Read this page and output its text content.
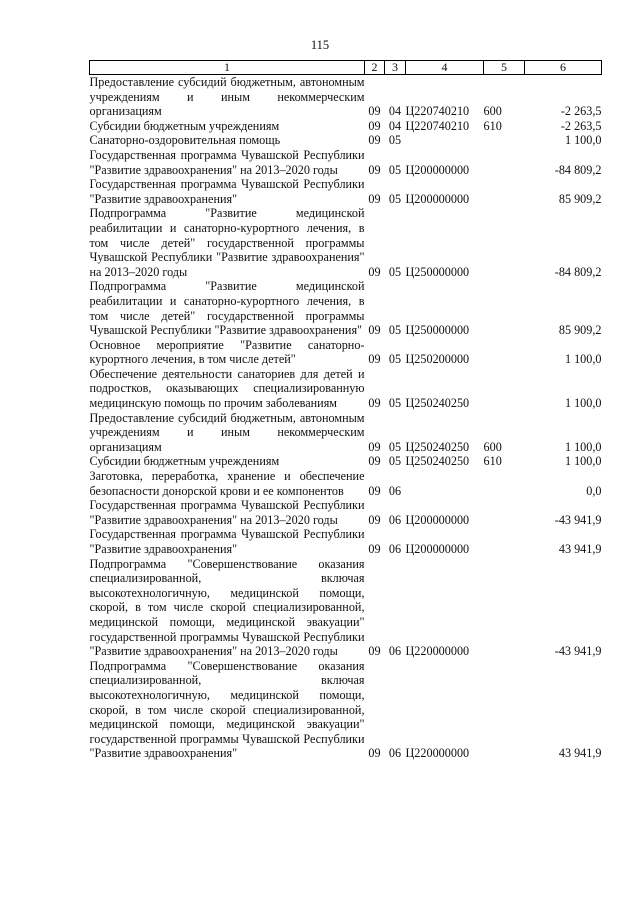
115
1	2	3	4	5	6
Предоставление субсидий бюджетным, автономным учреждениям и иным некоммерческим организациям	09	04	Ц220740210	600	-2 263,5
Субсидии бюджетным учреждениям	09	04	Ц220740210	610	-2 263,5
Санаторно-оздоровительная помощь	09	05			1 100,0
Государственная программа Чувашской Республики "Развитие здравоохранения" на 2013–2020 годы	09	05	Ц200000000		-84 809,2
Государственная программа Чувашской Республики "Развитие здравоохранения"	09	05	Ц200000000		85 909,2
Подпрограмма "Развитие медицинской реабилитации и санаторно-курортного лечения, в том числе детей" государственной программы Чувашской Республики "Развитие здравоохранения" на 2013–2020 годы	09	05	Ц250000000		-84 809,2
Подпрограмма "Развитие медицинской реабилитации и санаторно-курортного лечения, в том числе детей" государственной программы Чувашской Республики "Развитие здравоохранения"	09	05	Ц250000000		85 909,2
Основное мероприятие "Развитие санаторно-курортного лечения, в том числе детей"	09	05	Ц250200000		1 100,0
Обеспечение деятельности санаториев для детей и подростков, оказывающих специализированную медицинскую помощь по прочим заболеваниям	09	05	Ц250240250		1 100,0
Предоставление субсидий бюджетным, автономным учреждениям и иным некоммерческим организациям	09	05	Ц250240250	600	1 100,0
Субсидии бюджетным учреждениям	09	05	Ц250240250	610	1 100,0
Заготовка, переработка, хранение и обеспечение безопасности донорской крови и ее компонентов	09	06			0,0
Государственная программа Чувашской Республики "Развитие здравоохранения" на 2013–2020 годы	09	06	Ц200000000		-43 941,9
Государственная программа Чувашской Республики "Развитие здравоохранения"	09	06	Ц200000000		43 941,9
Подпрограмма "Совершенствование оказания специализированной, включая высокотехнологичную, медицинской помощи, скорой, в том числе скорой специализированной, медицинской помощи, медицинской эвакуации" государственной программы Чувашской Республики "Развитие здравоохранения" на 2013–2020 годы	09	06	Ц220000000		-43 941,9
Подпрограмма "Совершенствование оказания специализированной, включая высокотехнологичную, медицинской помощи, скорой, в том числе скорой специализированной, медицинской помощи, медицинской эвакуации" государственной программы Чувашской Республики "Развитие здравоохранения"	09	06	Ц220000000		43 941,9
